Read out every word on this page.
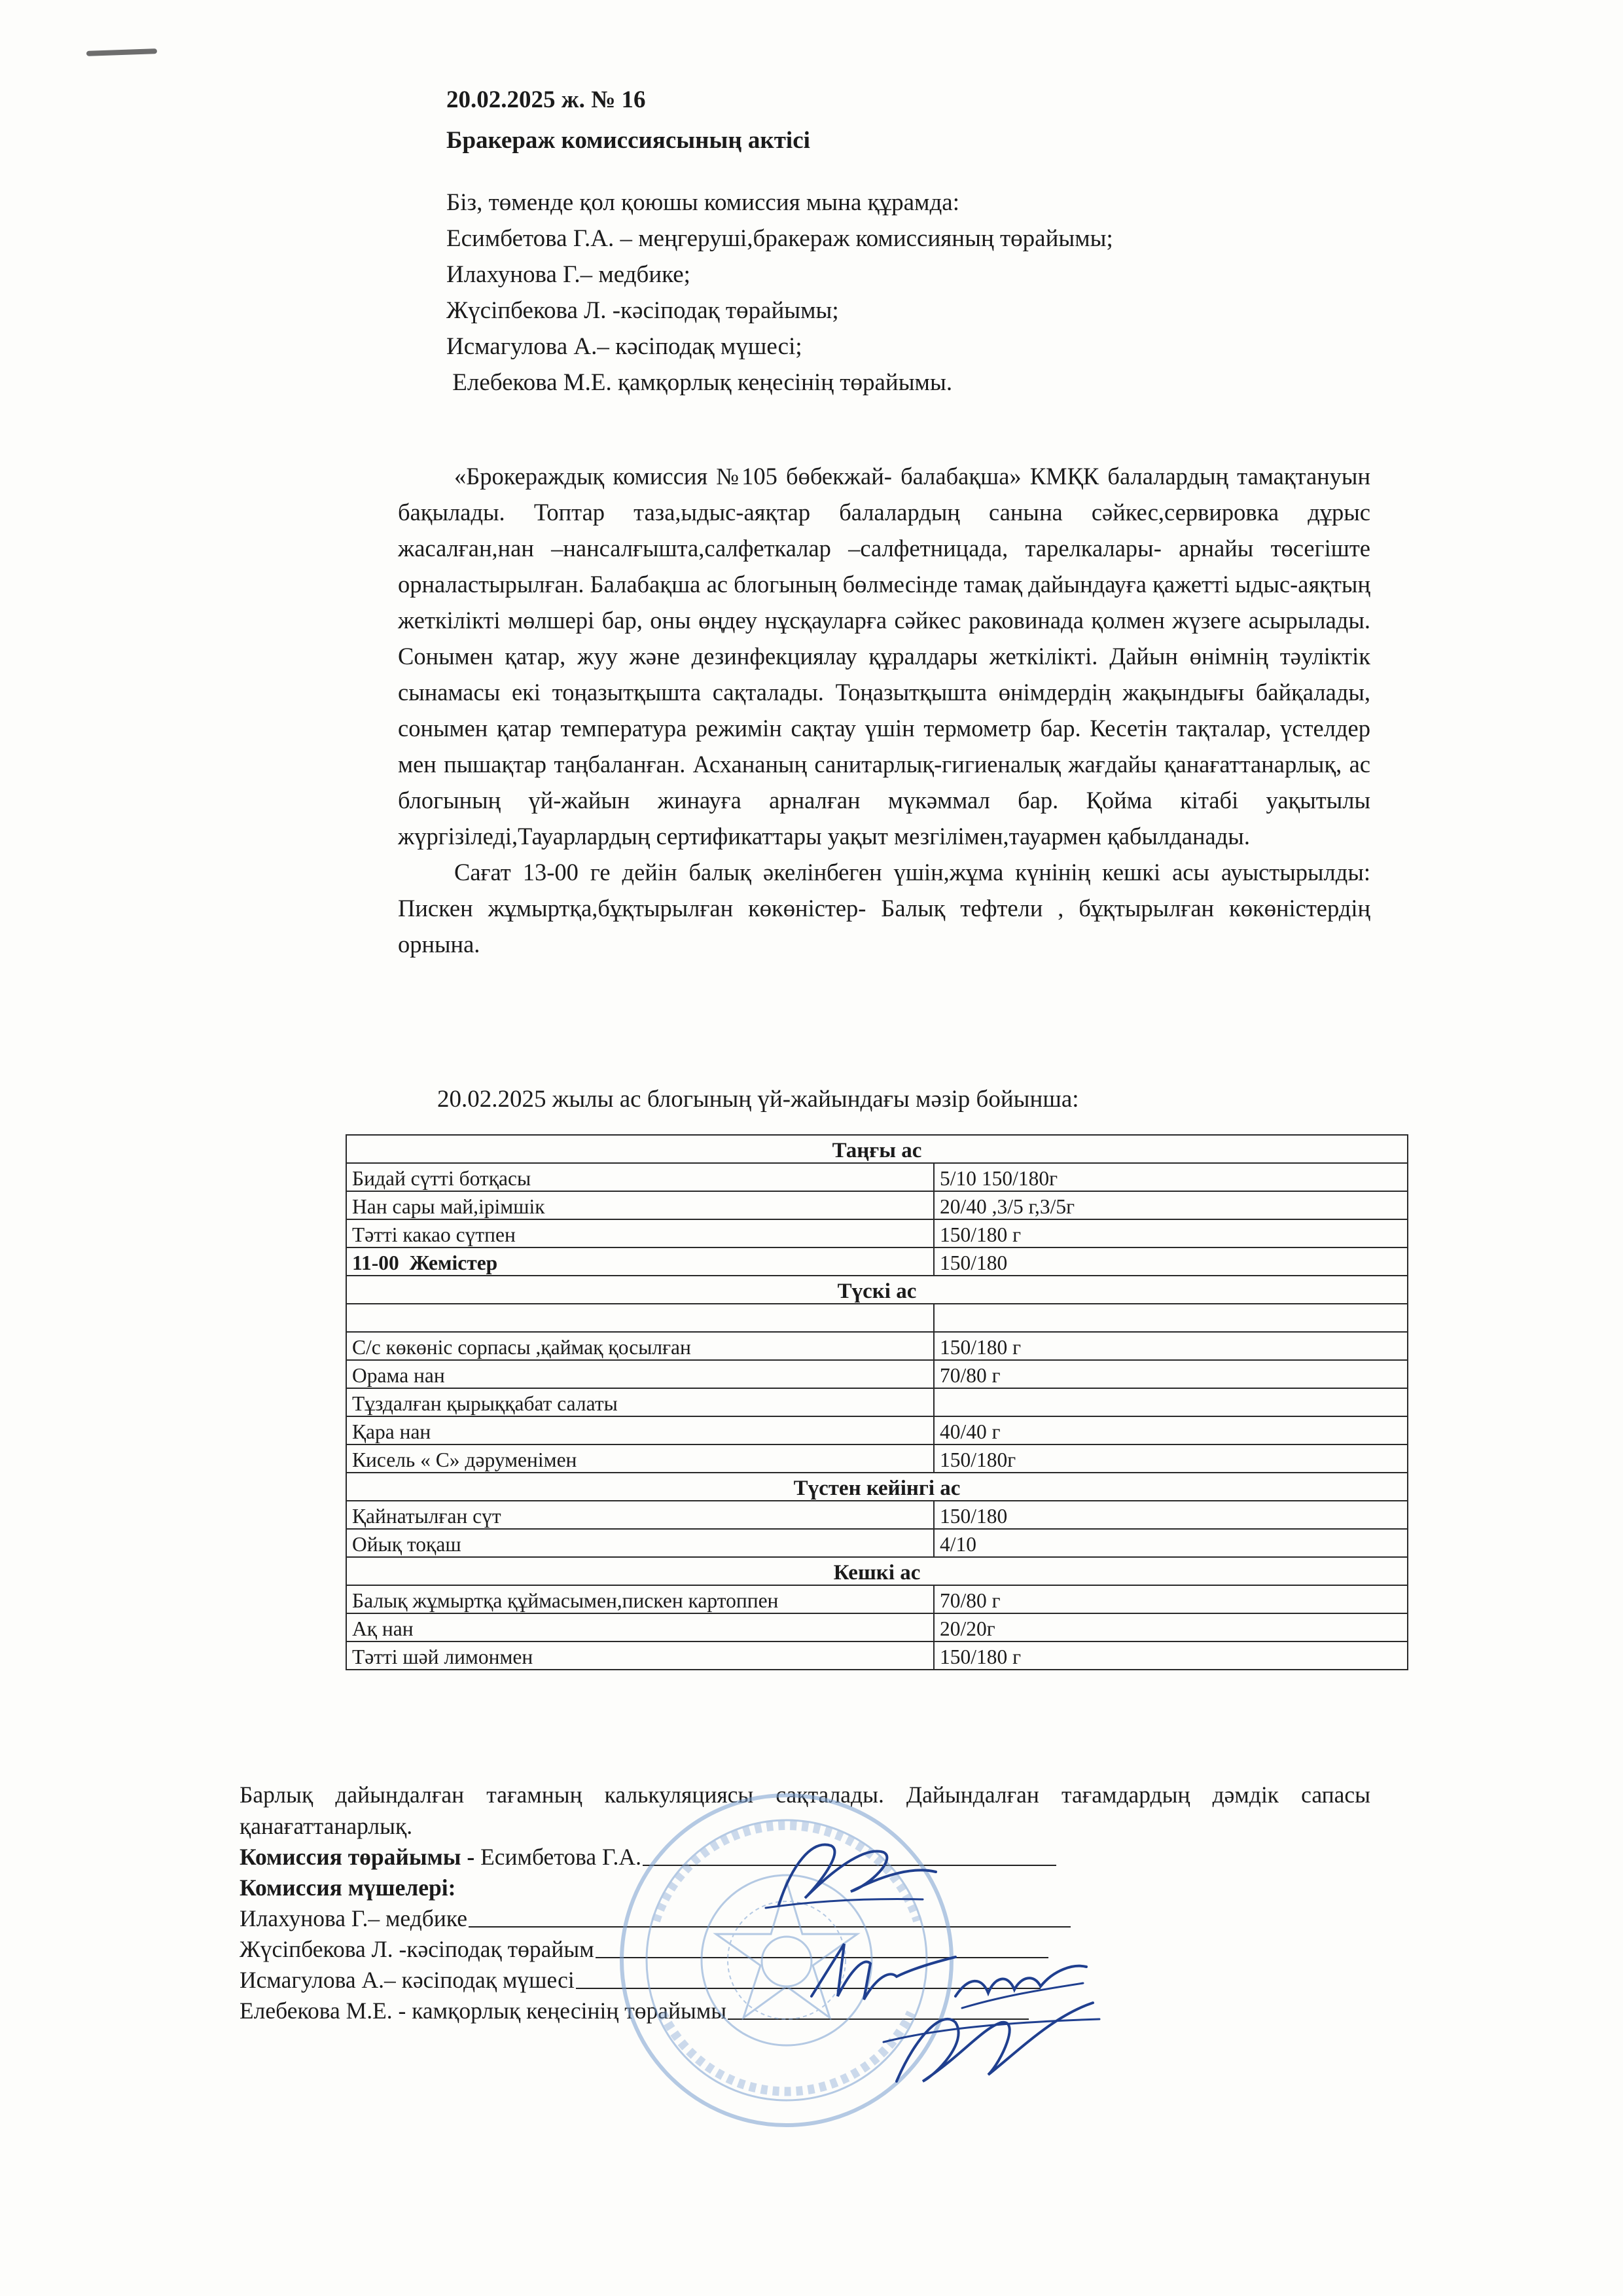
20.02.2025 ж. № 16
Бракераж комиссиясының актісі
Біз, төменде қол қоюшы комиссия мына құрамда:
Есимбетова Г.А. – меңгеруші,бракераж комиссияның төрайымы;
Илахунова Г.– медбике;
Жүсіпбекова Л. -кәсіподақ төрайымы;
Исмагулова А.– кәсіподақ мүшесі;
Елебекова М.Е. қамқорлық кеңесінің төрайымы.

«Брокераждық комиссия №105 бөбекжай- балабақша» КМҚК балалардың тамақтануын бақылады. Топтар таза,ыдыс-аяқтар балалардың санына сәйкес,сервировка дұрыс жасалған,нан –нансалғышта,салфеткалар –салфетницада, тарелкалары- арнайы төсегіште орналастырылған. Балабақша ас блогының бөлмесінде тамақ дайындауға қажетті ыдыс-аяқтың жеткілікті мөлшері бар, оны өңдеу нұсқауларға сәйкес раковинада қолмен жүзеге асырылады. Сонымен қатар, жуу және дезинфекциялау құралдары жеткілікті. Дайын өнімнің тәуліктік сынамасы екі тоңазытқышта сақталады. Тоңазытқышта өнімдердің жақындығы байқалады, сонымен қатар температура режимін сақтау үшін термометр бар. Кесетін тақталар, үстелдер мен пышақтар таңбаланған. Асхананың санитарлық-гигиеналық жағдайы қанағаттанарлық, ас блогының үй-жайын жинауға арналған мүкәммал бар. Қойма кітабі уақытылы жүргізіледі,Тауарлардың сертификаттары уақыт мезгілімен,тауармен қабылданады.

Сағат 13-00 ге дейін балық әкелінбеген үшін,жұма күнінің кешкі асы ауыстырылды: Пискен жұмыртқа,бұқтырылған көкөністер- Балық тефтели , бұқтырылған көкөністердің орнына.

20.02.2025 жылы ас блогының үй-жайындағы мәзір бойынша:
Таңғы ас	
Бидай сүтті ботқасы	5/10 150/180г
Нан сары май,ірімшік	20/40 ,3/5 г,3/5г
Тәтті какао сүтпен	150/180 г
11-00  Жемістер	150/180
Түскі ас	

С/с көкөніс сорпасы ,қаймақ қосылған	150/180 г
Орама нан	70/80 г
Тұздалған қырыққабат салаты	
Қара нан	40/40 г
Кисель « С» дәруменімен	150/180г
Түстен кейінгі ас	
Қайнатылған сүт	150/180
Ойық тоқаш	4/10
Кешкі ас	
Балық жұмыртқа құймасымен,пискен картоппен	70/80 г
Ақ нан	20/20г
Тәтті шәй лимонмен	150/180 г

Барлық дайындалған тағамның калькуляциясы сақталады. Дайындалған тағамдардың дәмдік сапасы қанағаттанарлық.

Комиссия төрайымы - Есимбетова Г.А.
Комиссия мүшелері:
Илахунова Г.– медбике
Жүсіпбекова Л. -кәсіподақ төрайым
Исмагулова А.– кәсіподақ мүшесі
Елебекова М.Е. - камқорлық кеңесінің төрайымы
